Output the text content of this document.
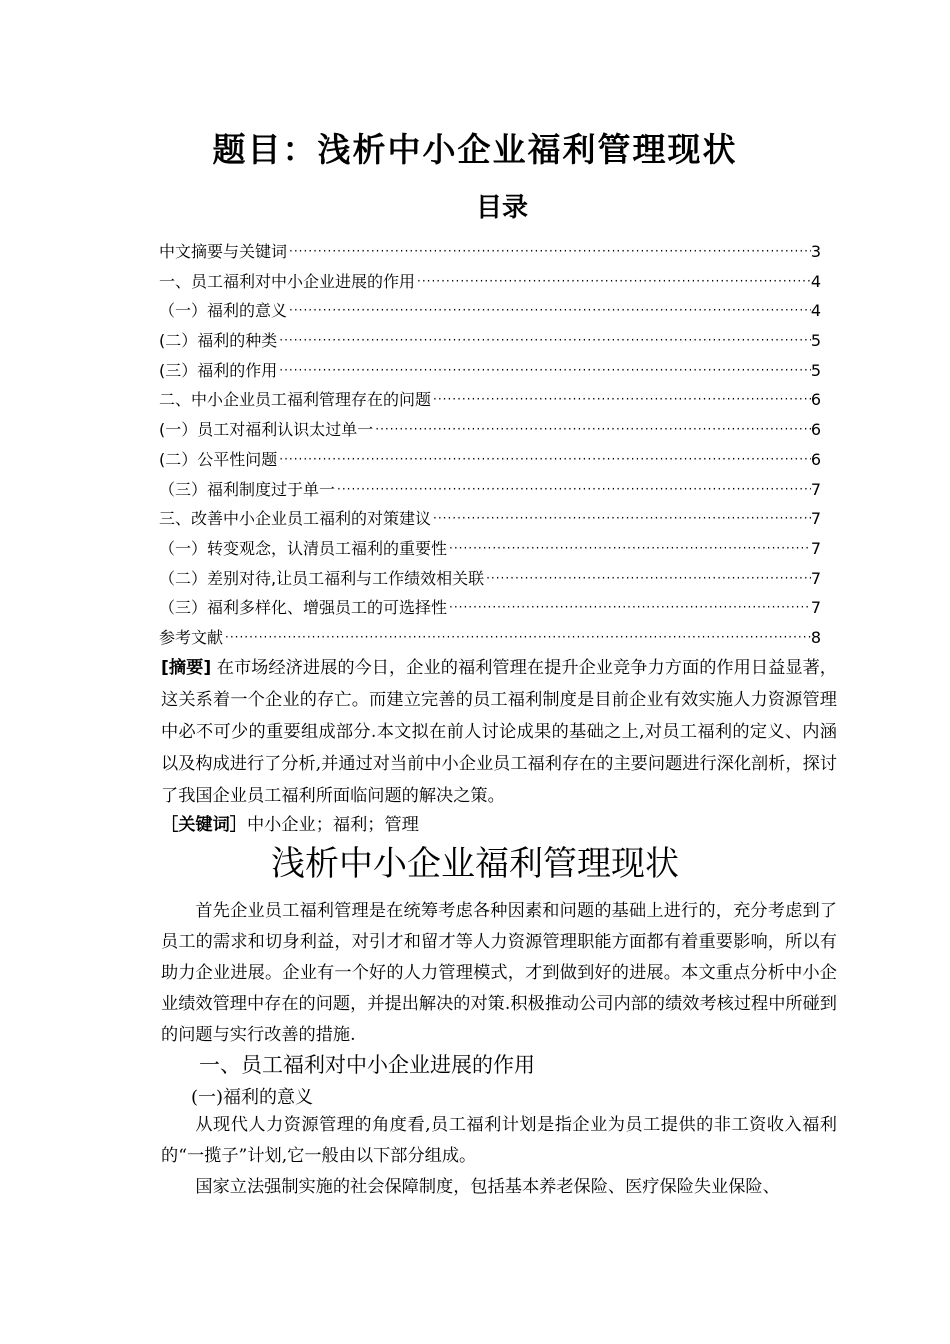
题目：浅析中小企业福利管理现状
目录
中文摘要与关键词 ·····	3
一、员工福利对中小企业进展的作用 ·····	4
（一）福利的意义 ·····	4
(二）福利的种类 ·····	5
(三）福利的作用 ·····	5
二、中小企业员工福利管理存在的问题 ·····	6
(一）员工对福利认识太过单一 ·····	6
(二）公平性问题 ·····	6
（三）福利制度过于单一 ·····	7
三、改善中小企业员工福利的对策建议 ·····	7
（一）转变观念，认清员工福利的重要性 ·····	7
（二）差别对待,让员工福利与工作绩效相关联 ·····	7
（三）福利多样化、增强员工的可选择性 ·····	7
参考文献 ·····	8

[摘要] 在市场经济进展的今日，企业的福利管理在提升企业竞争力方面的作用日益显著，这关系着一个企业的存亡。而建立完善的员工福利制度是目前企业有效实施人力资源管理中必不可少的重要组成部分.本文拟在前人讨论成果的基础之上,对员工福利的定义、内涵以及构成进行了分析,并通过对当前中小企业员工福利存在的主要问题进行深化剖析，探讨了我国企业员工福利所面临问题的解决之策。

［关键词］中小企业；福利；管理

浅析中小企业福利管理现状

首先企业员工福利管理是在统筹考虑各种因素和问题的基础上进行的，充分考虑到了员工的需求和切身利益，对引才和留才等人力资源管理职能方面都有着重要影响，所以有助力企业进展。企业有一个好的人力管理模式，才到做到好的进展。本文重点分析中小企业绩效管理中存在的问题，并提出解决的对策.积极推动公司内部的绩效考核过程中所碰到的问题与实行改善的措施.

一、员工福利对中小企业进展的作用
(一)福利的意义

从现代人力资源管理的角度看,员工福利计划是指企业为员工提供的非工资收入福利的“一揽子”计划,它一般由以下部分组成。

国家立法强制实施的社会保障制度，包括基本养老保险、医疗保险失业保险、
